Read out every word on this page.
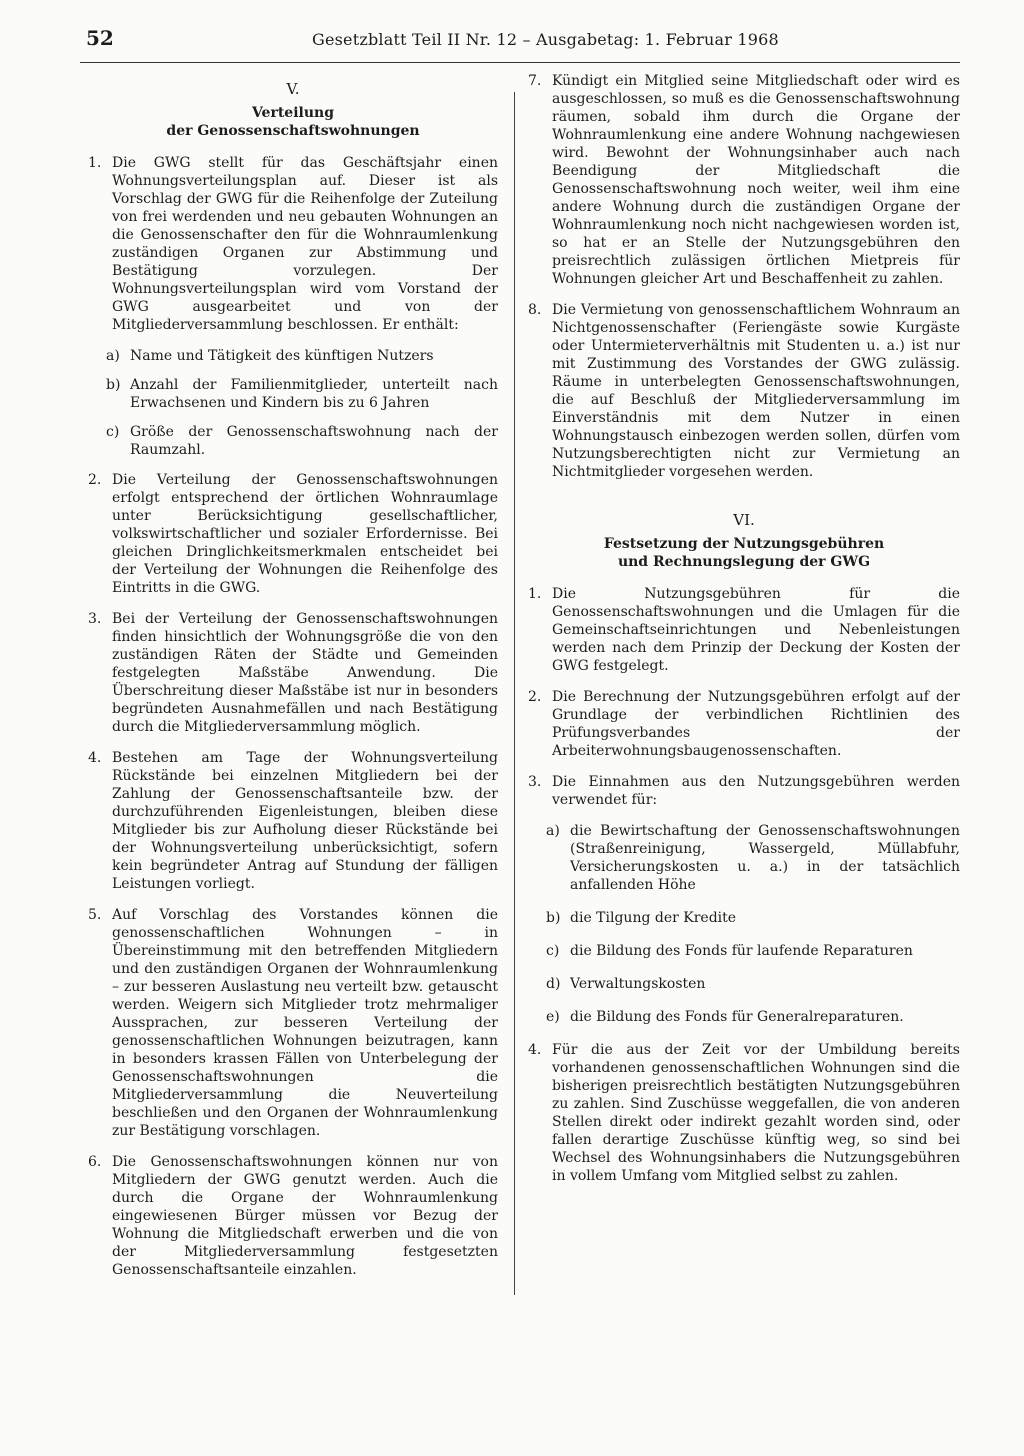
52	Gesetzblatt Teil II Nr. 12 – Ausgabetag: 1. Februar 1968
V.
Verteilung
der Genossenschaftswohnungen
1. Die GWG stellt für das Geschäftsjahr einen Wohnungsverteilungsplan auf. Dieser ist als Vorschlag der GWG für die Reihenfolge der Zuteilung von frei werdenden und neu gebauten Wohnungen an die Genossenschafter den für die Wohnraumlenkung zuständigen Organen zur Abstimmung und Bestätigung vorzulegen. Der Wohnungsverteilungsplan wird vom Vorstand der GWG ausgearbeitet und von der Mitgliederversammlung beschlossen. Er enthält:
a) Name und Tätigkeit des künftigen Nutzers
b) Anzahl der Familienmitglieder, unterteilt nach Erwachsenen und Kindern bis zu 6 Jahren
c) Größe der Genossenschaftswohnung nach der Raumzahl.
2. Die Verteilung der Genossenschaftswohnungen erfolgt entsprechend der örtlichen Wohnraumlage unter Berücksichtigung gesellschaftlicher, volkswirtschaftlicher und sozialer Erfordernisse. Bei gleichen Dringlichkeitsmerkmalen entscheidet bei der Verteilung der Wohnungen die Reihenfolge des Eintritts in die GWG.
3. Bei der Verteilung der Genossenschaftswohnungen finden hinsichtlich der Wohnungsgröße die von den zuständigen Räten der Städte und Gemeinden festgelegten Maßstäbe Anwendung. Die Überschreitung dieser Maßstäbe ist nur in besonders begründeten Ausnahmefällen und nach Bestätigung durch die Mitgliederversammlung möglich.
4. Bestehen am Tage der Wohnungsverteilung Rückstände bei einzelnen Mitgliedern bei der Zahlung der Genossenschaftsanteile bzw. der durchzuführenden Eigenleistungen, bleiben diese Mitglieder bis zur Aufholung dieser Rückstände bei der Wohnungsverteilung unberücksichtigt, sofern kein begründeter Antrag auf Stundung der fälligen Leistungen vorliegt.
5. Auf Vorschlag des Vorstandes können die genossenschaftlichen Wohnungen – in Übereinstimmung mit den betreffenden Mitgliedern und den zuständigen Organen der Wohnraumlenkung – zur besseren Auslastung neu verteilt bzw. getauscht werden. Weigern sich Mitglieder trotz mehrmaliger Aussprachen, zur besseren Verteilung der genossenschaftlichen Wohnungen beizutragen, kann in besonders krassen Fällen von Unterbelegung der Genossenschaftswohnungen die Mitgliederversammlung die Neuverteilung beschließen und den Organen der Wohnraumlenkung zur Bestätigung vorschlagen.
6. Die Genossenschaftswohnungen können nur von Mitgliedern der GWG genutzt werden. Auch die durch die Organe der Wohnraumlenkung eingewiesenen Bürger müssen vor Bezug der Wohnung die Mitgliedschaft erwerben und die von der Mitgliederversammlung festgesetzten Genossenschaftsanteile einzahlen.
7. Kündigt ein Mitglied seine Mitgliedschaft oder wird es ausgeschlossen, so muß es die Genossenschaftswohnung räumen, sobald ihm durch die Organe der Wohnraumlenkung eine andere Wohnung nachgewiesen wird. Bewohnt der Wohnungsinhaber auch nach Beendigung der Mitgliedschaft die Genossenschaftswohnung noch weiter, weil ihm eine andere Wohnung durch die zuständigen Organe der Wohnraumlenkung noch nicht nachgewiesen worden ist, so hat er an Stelle der Nutzungsgebühren den preisrechtlich zulässigen örtlichen Mietpreis für Wohnungen gleicher Art und Beschaffenheit zu zahlen.
8. Die Vermietung von genossenschaftlichem Wohnraum an Nichtgenossenschafter (Feriengäste sowie Kurgäste oder Untermieterverhältnis mit Studenten u. a.) ist nur mit Zustimmung des Vorstandes der GWG zulässig. Räume in unterbelegten Genossenschaftswohnungen, die auf Beschluß der Mitgliederversammlung im Einverständnis mit dem Nutzer in einen Wohnungstausch einbezogen werden sollen, dürfen vom Nutzungsberechtigten nicht zur Vermietung an Nichtmitglieder vorgesehen werden.
VI.
Festsetzung der Nutzungsgebühren
und Rechnungslegung der GWG
1. Die Nutzungsgebühren für die Genossenschaftswohnungen und die Umlagen für die Gemeinschaftseinrichtungen und Nebenleistungen werden nach dem Prinzip der Deckung der Kosten der GWG festgelegt.
2. Die Berechnung der Nutzungsgebühren erfolgt auf der Grundlage der verbindlichen Richtlinien des Prüfungsverbandes der Arbeiterwohnungsbaugenossenschaften.
3. Die Einnahmen aus den Nutzungsgebühren werden verwendet für:
a) die Bewirtschaftung der Genossenschaftswohnungen (Straßenreinigung, Wassergeld, Müllabfuhr, Versicherungskosten u. a.) in der tatsächlich anfallenden Höhe
b) die Tilgung der Kredite
c) die Bildung des Fonds für laufende Reparaturen
d) Verwaltungskosten
e) die Bildung des Fonds für Generalreparaturen.
4. Für die aus der Zeit vor der Umbildung bereits vorhandenen genossenschaftlichen Wohnungen sind die bisherigen preisrechtlich bestätigten Nutzungsgebühren zu zahlen. Sind Zuschüsse weggefallen, die von anderen Stellen direkt oder indirekt gezahlt worden sind, oder fallen derartige Zuschüsse künftig weg, so sind bei Wechsel des Wohnungsinhabers die Nutzungsgebühren in vollem Umfang vom Mitglied selbst zu zahlen.
